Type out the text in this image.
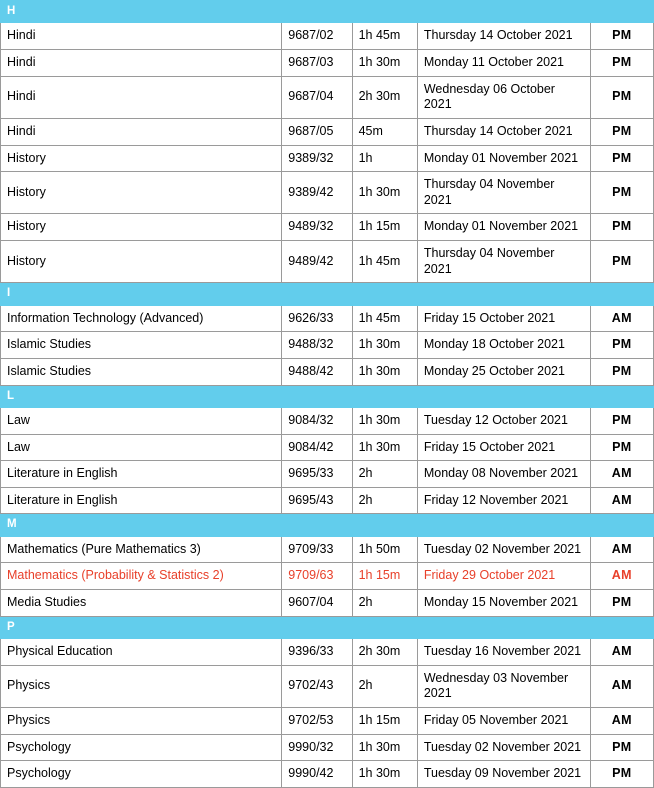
H				
Hindi	9687/02	1h 45m	Thursday 14 October 2021	PM
Hindi	9687/03	1h 30m	Monday 11 October 2021	PM
Hindi	9687/04	2h 30m	Wednesday 06 October 2021	PM
Hindi	9687/05	45m	Thursday 14 October 2021	PM
History	9389/32	1h	Monday 01 November 2021	PM
History	9389/42	1h 30m	Thursday 04 November 2021	PM
History	9489/32	1h 15m	Monday 01 November 2021	PM
History	9489/42	1h 45m	Thursday 04 November 2021	PM
I				
Information Technology (Advanced)	9626/33	1h 45m	Friday 15 October 2021	AM
Islamic Studies	9488/32	1h 30m	Monday 18 October 2021	PM
Islamic Studies	9488/42	1h 30m	Monday 25 October 2021	PM
L				
Law	9084/32	1h 30m	Tuesday 12 October 2021	PM
Law	9084/42	1h 30m	Friday 15 October 2021	PM
Literature in English	9695/33	2h	Monday 08 November 2021	AM
Literature in English	9695/43	2h	Friday 12 November 2021	AM
M				
Mathematics (Pure Mathematics 3)	9709/33	1h 50m	Tuesday 02 November 2021	AM
Mathematics (Probability & Statistics 2)	9709/63	1h 15m	Friday 29 October 2021	AM
Media Studies	9607/04	2h	Monday 15 November 2021	PM
P				
Physical Education	9396/33	2h 30m	Tuesday 16 November 2021	AM
Physics	9702/43	2h	Wednesday 03 November 2021	AM
Physics	9702/53	1h 15m	Friday 05 November 2021	AM
Psychology	9990/32	1h 30m	Tuesday 02 November 2021	PM
Psychology	9990/42	1h 30m	Tuesday 09 November 2021	PM
